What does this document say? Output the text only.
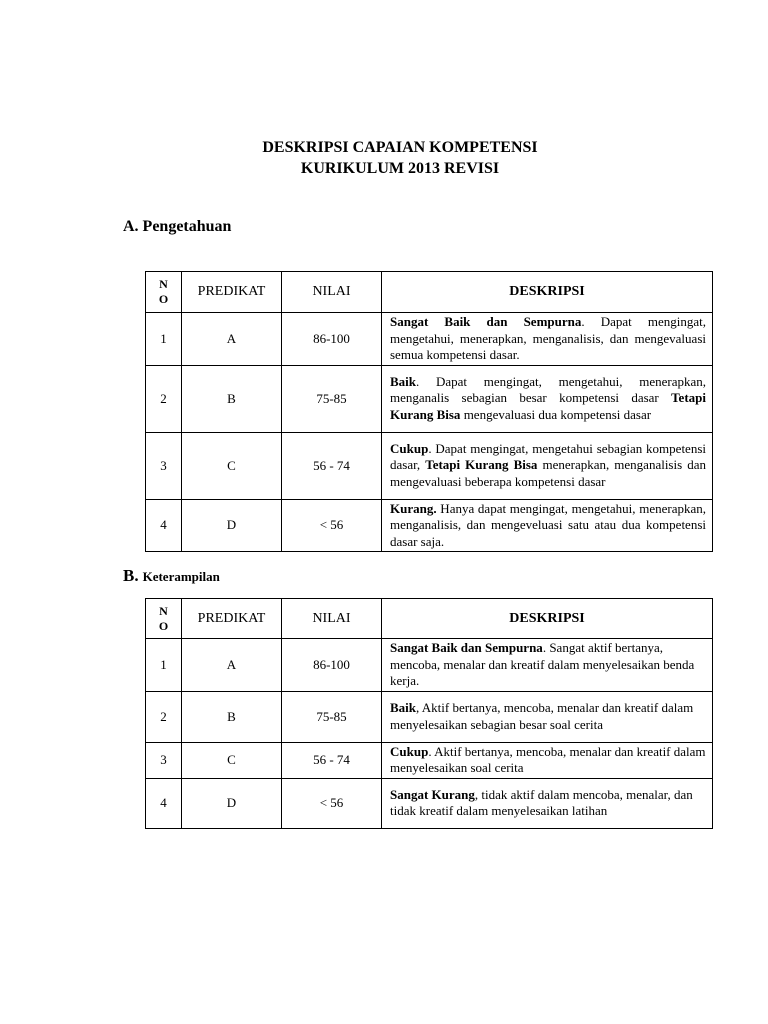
DESKRIPSI CAPAIAN KOMPETENSI
KURIKULUM 2013 REVISI
A. Pengetahuan
N
O	PREDIKAT	NILAI	DESKRIPSI
1	A	86-100	Sangat Baik dan Sempurna. Dapat mengingat, mengetahui, menerapkan, menganalisis, dan mengevaluasi semua kompetensi dasar.
2	B	75-85	Baik. Dapat mengingat, mengetahui, menerapkan, menganalis sebagian besar kompetensi dasar Tetapi Kurang Bisa mengevaluasi dua kompetensi dasar
3	C	56 - 74	Cukup. Dapat mengingat, mengetahui sebagian kompetensi dasar, Tetapi Kurang Bisa menerapkan, menganalisis dan mengevaluasi beberapa kompetensi dasar
4	D	< 56	Kurang. Hanya dapat mengingat, mengetahui, menerapkan, menganalisis, dan mengeveluasi satu atau dua kompetensi dasar saja.
B. Keterampilan
N
O	PREDIKAT	NILAI	DESKRIPSI
1	A	86-100	Sangat Baik dan Sempurna. Sangat aktif bertanya, mencoba, menalar dan kreatif dalam menyelesaikan benda kerja.
2	B	75-85	Baik, Aktif bertanya, mencoba, menalar dan kreatif dalam menyelesaikan sebagian besar soal cerita
3	C	56 - 74	Cukup. Aktif bertanya, mencoba, menalar dan kreatif dalam menyelesaikan soal cerita
4	D	< 56	Sangat Kurang, tidak aktif dalam mencoba, menalar, dan tidak kreatif dalam menyelesaikan latihan
